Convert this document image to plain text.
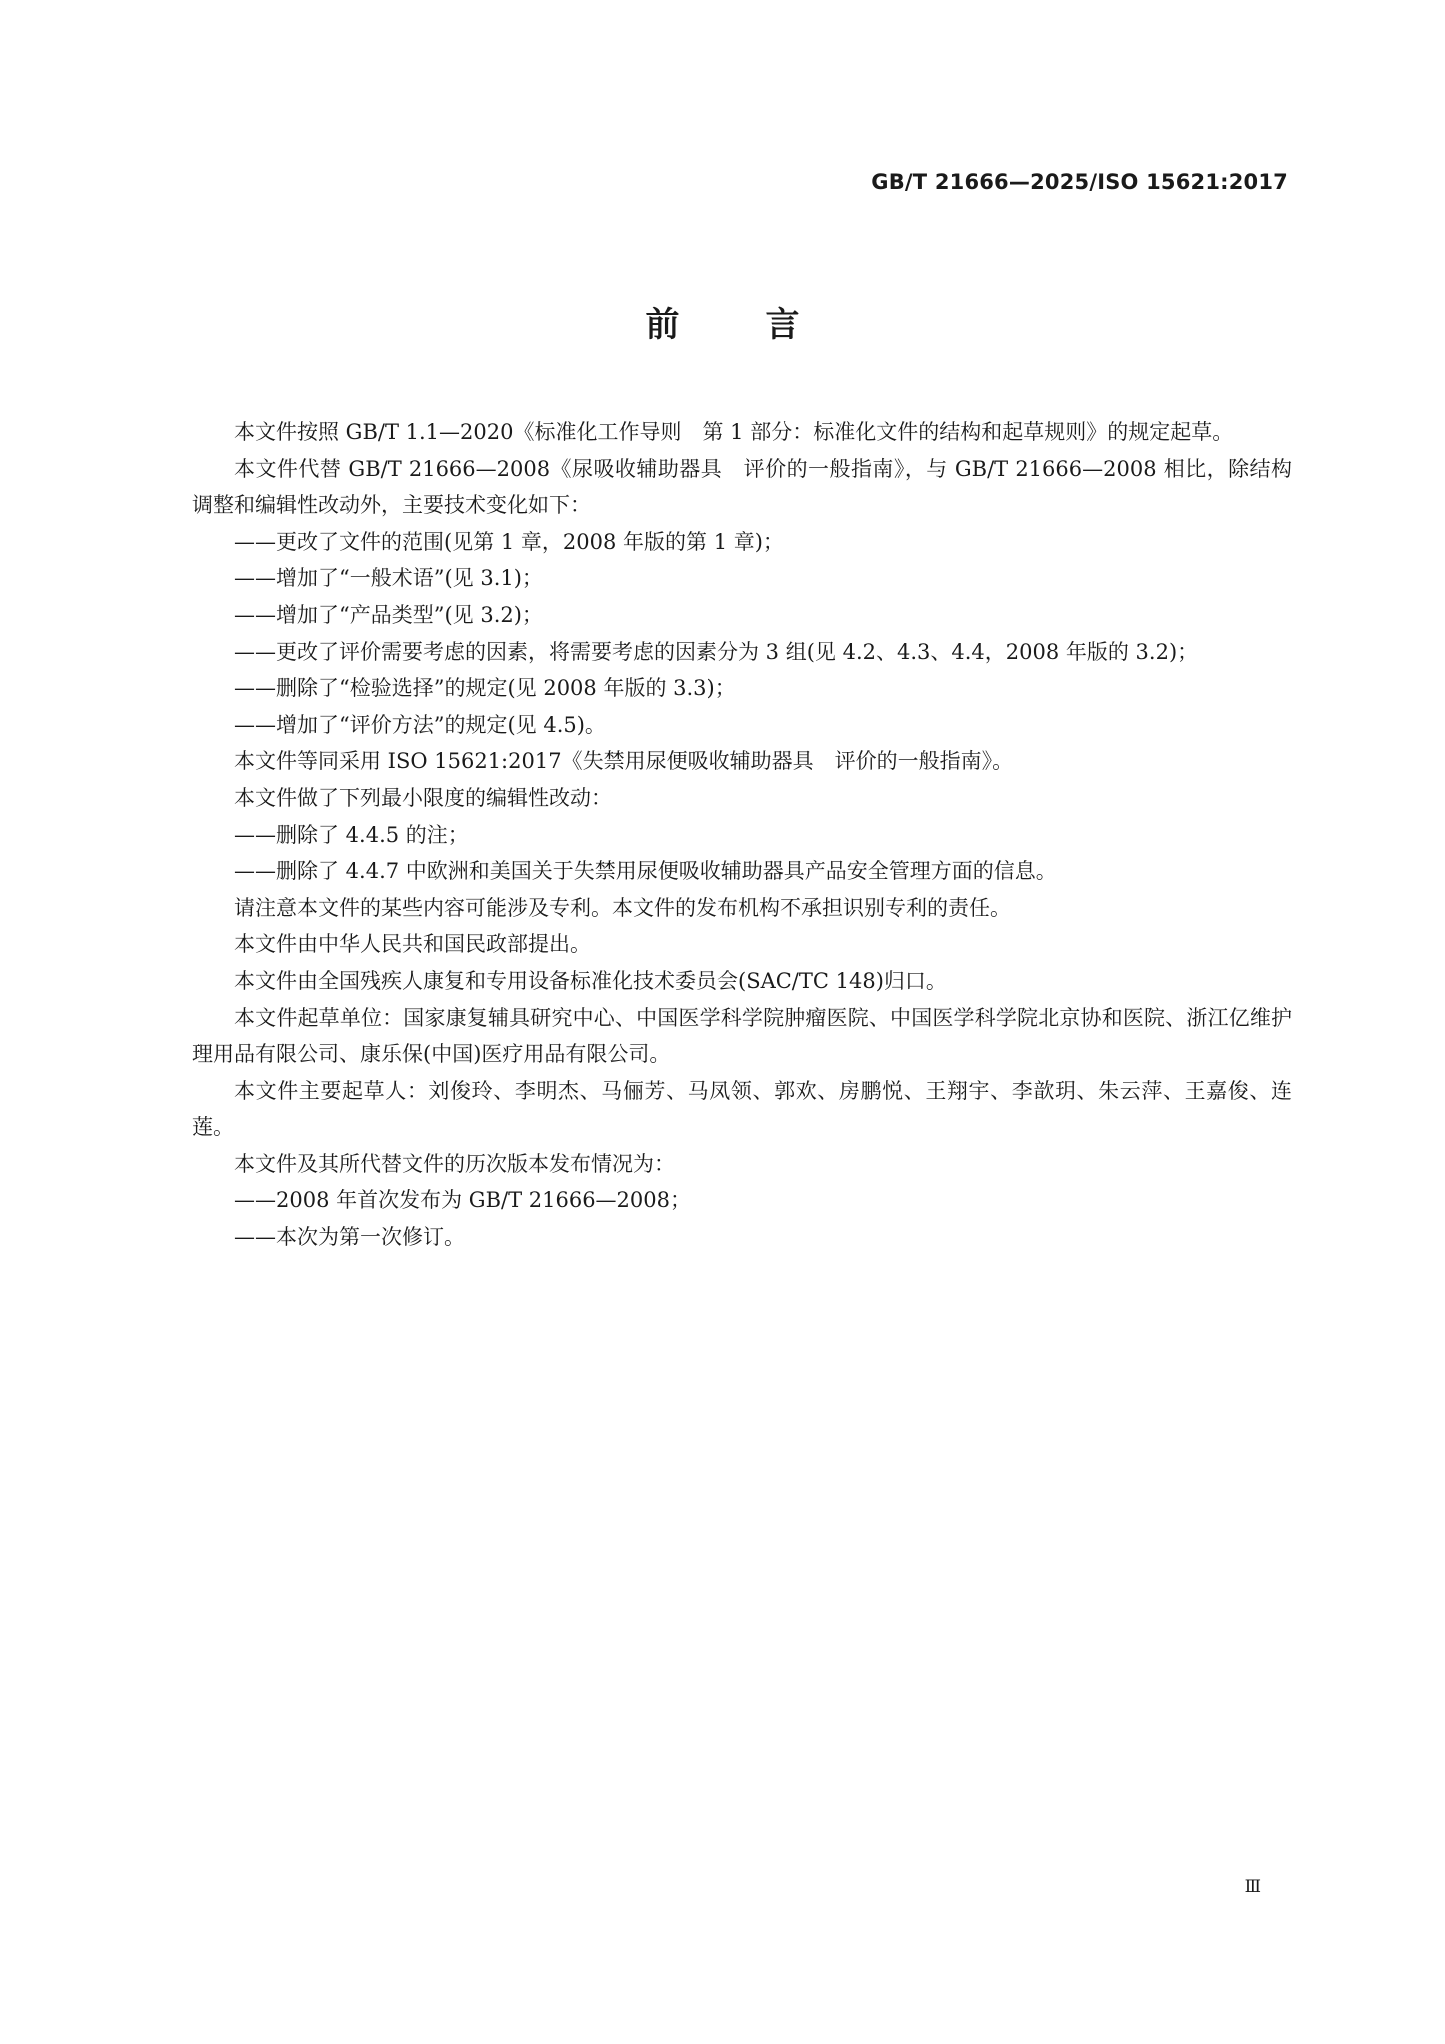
GB/T 21666—2025/ISO 15621:2017
前	言

本文件按照 GB/T 1.1—2020《标准化工作导则　第 1 部分：标准化文件的结构和起草规则》的规定起草。

本文件代替 GB/T 21666—2008《尿吸收辅助器具　评价的一般指南》，与 GB/T 21666—2008 相比，除结构调整和编辑性改动外，主要技术变化如下：

——更改了文件的范围(见第 1 章，2008 年版的第 1 章)；

——增加了“一般术语”(见 3.1)；

——增加了“产品类型”(见 3.2)；

——更改了评价需要考虑的因素，将需要考虑的因素分为 3 组(见 4.2、4.3、4.4，2008 年版的 3.2)；

——删除了“检验选择”的规定(见 2008 年版的 3.3)；

——增加了“评价方法”的规定(见 4.5)。

本文件等同采用 ISO 15621:2017《失禁用尿便吸收辅助器具　评价的一般指南》。

本文件做了下列最小限度的编辑性改动：

——删除了 4.4.5 的注；

——删除了 4.4.7 中欧洲和美国关于失禁用尿便吸收辅助器具产品安全管理方面的信息。

请注意本文件的某些内容可能涉及专利。本文件的发布机构不承担识别专利的责任。

本文件由中华人民共和国民政部提出。

本文件由全国残疾人康复和专用设备标准化技术委员会(SAC/TC 148)归口。

本文件起草单位：国家康复辅具研究中心、中国医学科学院肿瘤医院、中国医学科学院北京协和医院、浙江亿维护理用品有限公司、康乐保(中国)医疗用品有限公司。

本文件主要起草人：刘俊玲、李明杰、马俪芳、马凤领、郭欢、房鹏悦、王翔宇、李歆玥、朱云萍、王嘉俊、连莲。

本文件及其所代替文件的历次版本发布情况为：

——2008 年首次发布为 GB/T 21666—2008；

——本次为第一次修订。

Ⅲ
